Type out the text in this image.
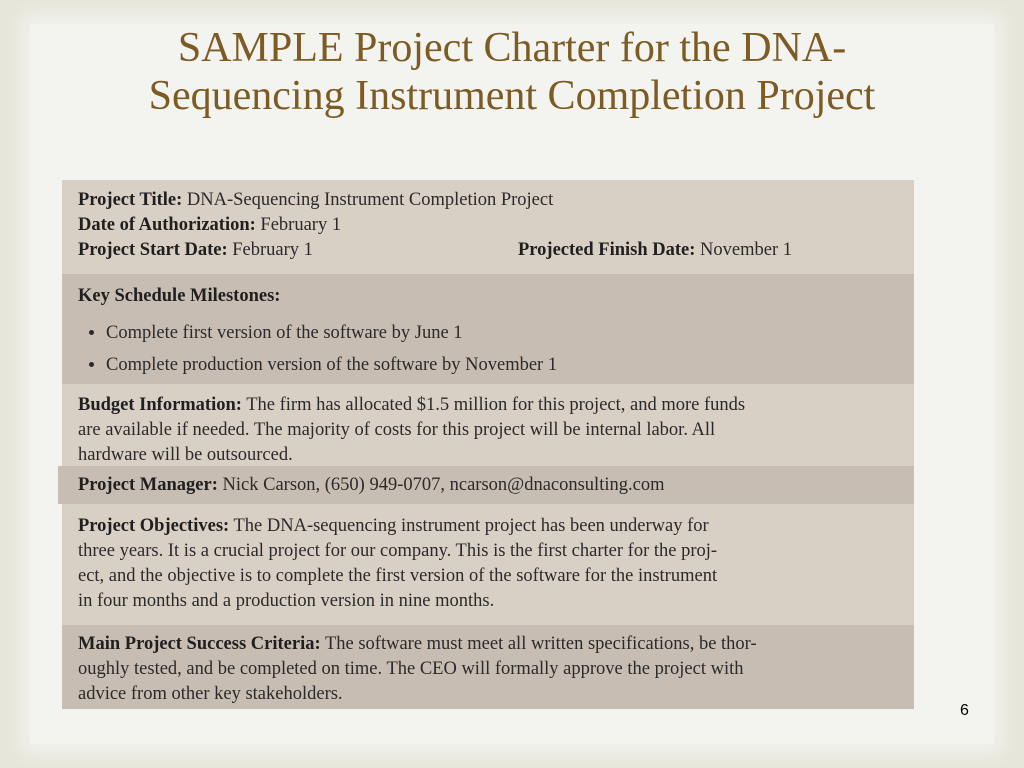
SAMPLE Project Charter for the DNA-
Sequencing Instrument Completion Project
Project Title: DNA-Sequencing Instrument Completion Project
Date of Authorization: February 1
Project Start Date: February 1	Projected Finish Date: November 1
Key Schedule Milestones:
• Complete first version of the software by June 1
• Complete production version of the software by November 1
Budget Information: The firm has allocated $1.5 million for this project, and more funds
are available if needed. The majority of costs for this project will be internal labor. All
hardware will be outsourced.
Project Manager: Nick Carson, (650) 949-0707, ncarson@dnaconsulting.com
Project Objectives: The DNA-sequencing instrument project has been underway for
three years. It is a crucial project for our company. This is the first charter for the proj-
ect, and the objective is to complete the first version of the software for the instrument
in four months and a production version in nine months.
Main Project Success Criteria: The software must meet all written specifications, be thor-
oughly tested, and be completed on time. The CEO will formally approve the project with
advice from other key stakeholders.
6
